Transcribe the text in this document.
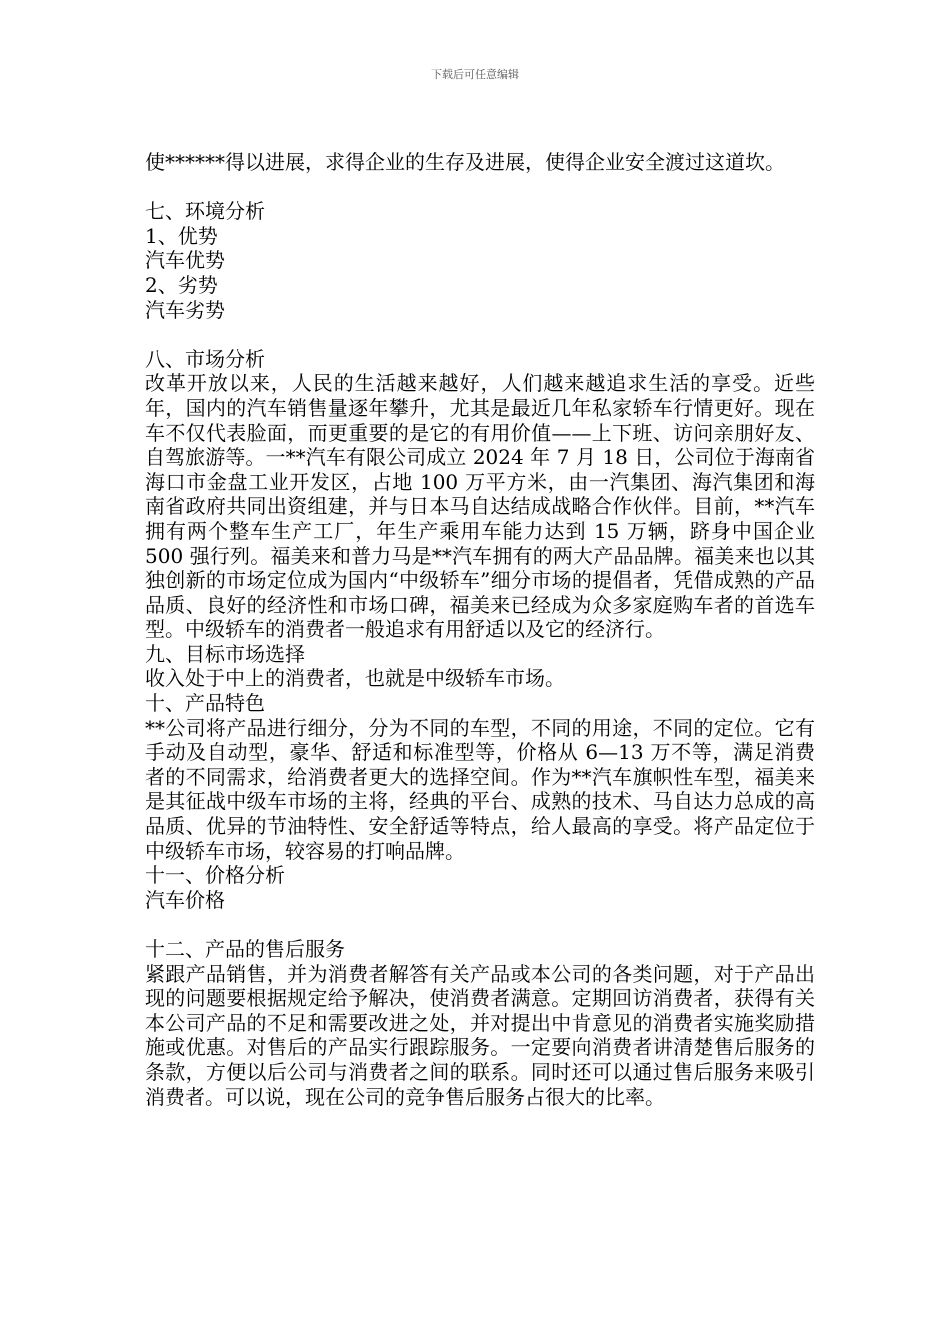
下载后可任意编辑

使******得以进展，求得企业的生存及进展，使得企业安全渡过这道坎。

七、环境分析

1、优势

汽车优势

2、劣势

汽车劣势

八、市场分析

改革开放以来，人民的生活越来越好，人们越来越追求生活的享受。近些年，国内的汽车销售量逐年攀升，尤其是最近几年私家轿车行情更好。现在车不仅代表脸面，而更重要的是它的有用价值——上下班、访问亲朋好友、自驾旅游等。一**汽车有限公司成立 2024 年 7 月 18 日，公司位于海南省海口市金盘工业开发区，占地 100 万平方米，由一汽集团、海汽集团和海南省政府共同出资组建，并与日本马自达结成战略合作伙伴。目前，**汽车拥有两个整车生产工厂，年生产乘用车能力达到 15 万辆，跻身中国企业 500 强行列。福美来和普力马是**汽车拥有的两大产品品牌。福美来也以其独创新的市场定位成为国内“中级轿车”细分市场的提倡者，凭借成熟的产品品质、良好的经济性和市场口碑，福美来已经成为众多家庭购车者的首选车型。中级轿车的消费者一般追求有用舒适以及它的经济行。

九、目标市场选择

收入处于中上的消费者，也就是中级轿车市场。

十、产品特色

**公司将产品进行细分，分为不同的车型，不同的用途，不同的定位。它有手动及自动型，豪华、舒适和标准型等，价格从 6—13 万不等，满足消费者的不同需求，给消费者更大的选择空间。作为**汽车旗帜性车型，福美来是其征战中级车市场的主将，经典的平台、成熟的技术、马自达力总成的高品质、优异的节油特性、安全舒适等特点，给人最高的享受。将产品定位于中级轿车市场，较容易的打响品牌。

十一、价格分析

汽车价格

十二、产品的售后服务

紧跟产品销售，并为消费者解答有关产品或本公司的各类问题，对于产品出现的问题要根据规定给予解决，使消费者满意。定期回访消费者，获得有关本公司产品的不足和需要改进之处，并对提出中肯意见的消费者实施奖励措施或优惠。对售后的产品实行跟踪服务。一定要向消费者讲清楚售后服务的条款，方便以后公司与消费者之间的联系。同时还可以通过售后服务来吸引消费者。可以说，现在公司的竞争售后服务占很大的比率。
